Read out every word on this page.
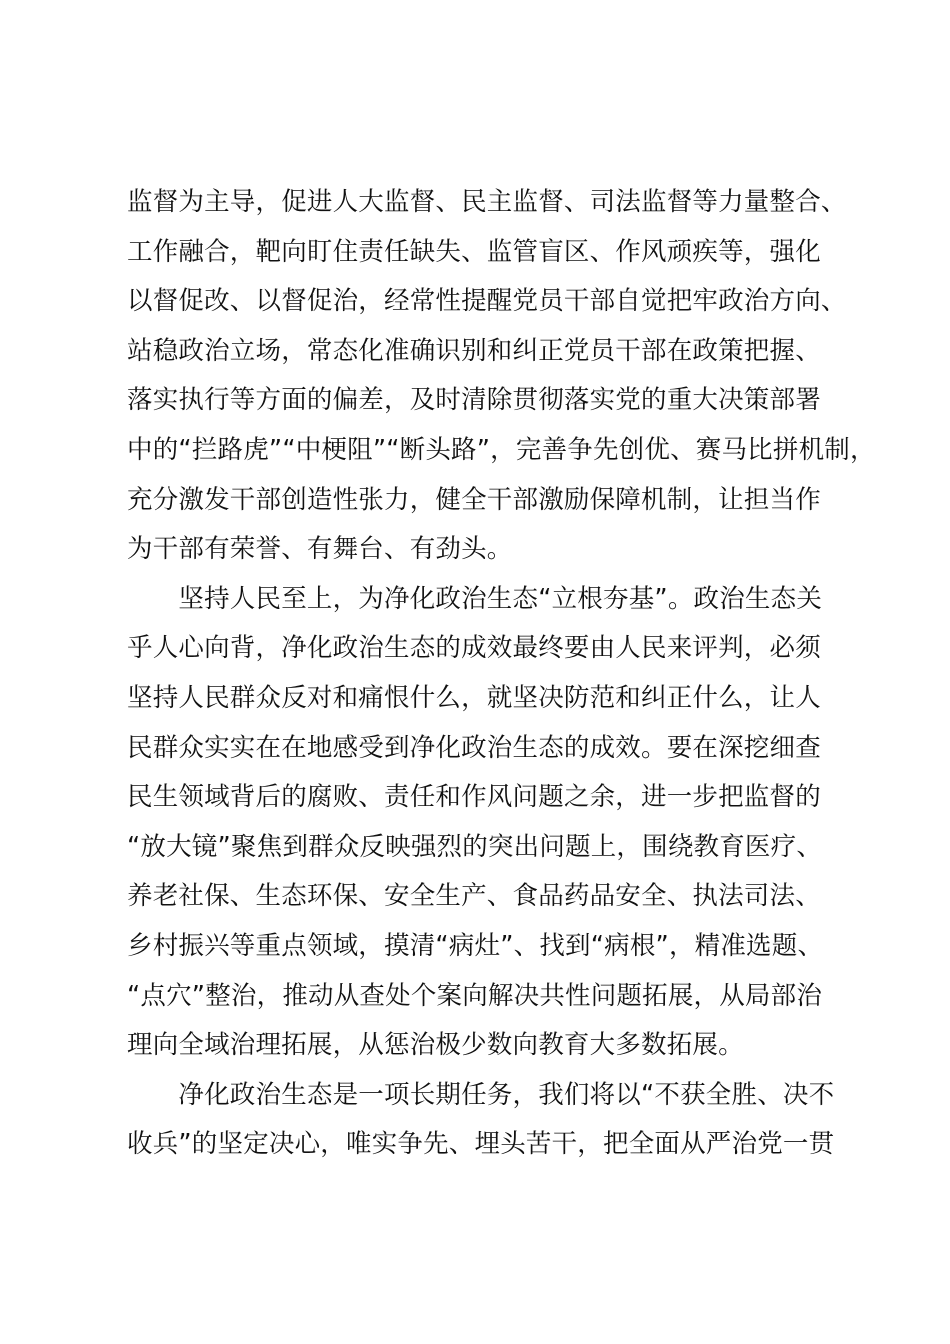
监督为主导，促进人大监督、民主监督、司法监督等力量整合、
工作融合，靶向盯住责任缺失、监管盲区、作风顽疾等，强化
以督促改、以督促治，经常性提醒党员干部自觉把牢政治方向、
站稳政治立场，常态化准确识别和纠正党员干部在政策把握、
落实执行等方面的偏差，及时清除贯彻落实党的重大决策部署
中的“拦路虎”“中梗阻”“断头路”，完善争先创优、赛马比拼机制，
充分激发干部创造性张力，健全干部激励保障机制，让担当作
为干部有荣誉、有舞台、有劲头。
　　坚持人民至上，为净化政治生态“立根夯基”。政治生态关
乎人心向背，净化政治生态的成效最终要由人民来评判，必须
坚持人民群众反对和痛恨什么，就坚决防范和纠正什么，让人
民群众实实在在地感受到净化政治生态的成效。要在深挖细查
民生领域背后的腐败、责任和作风问题之余，进一步把监督的
“放大镜”聚焦到群众反映强烈的突出问题上，围绕教育医疗、
养老社保、生态环保、安全生产、食品药品安全、执法司法、
乡村振兴等重点领域，摸清“病灶”、找到“病根”，精准选题、
“点穴”整治，推动从查处个案向解决共性问题拓展，从局部治
理向全域治理拓展，从惩治极少数向教育大多数拓展。
　　净化政治生态是一项长期任务，我们将以“不获全胜、决不
收兵”的坚定决心，唯实争先、埋头苦干，把全面从严治党一贯
